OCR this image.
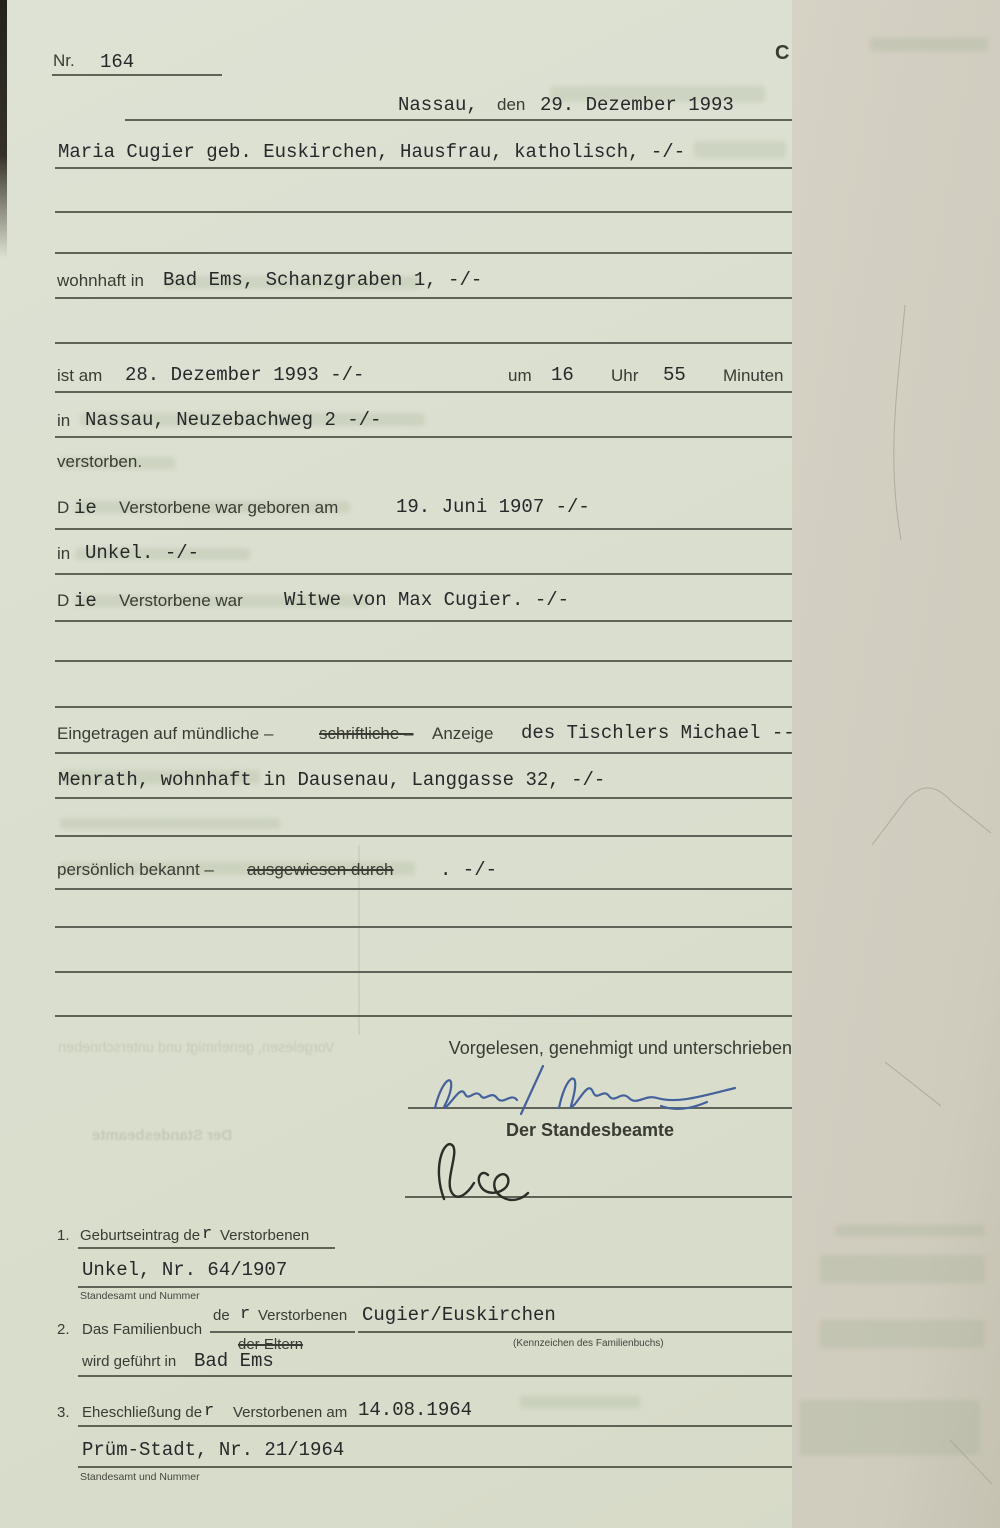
Vorgelesen, genehmigt und unterschrieben
Der Standesbeamte
Nr. 164	C
Nassau, den 29. Dezember 1993
Maria Cugier geb. Euskirchen, Hausfrau, katholisch, -/-
wohnhaft in Bad Ems, Schanzgraben 1, -/-
ist am 28. Dezember 1993 -/-	um 16 Uhr 55 Minuten
in Nassau, Neuzebachweg 2 -/-
verstorben.
D ie Verstorbene war geboren am	19. Juni 1907 -/-
in Unkel. -/-
D ie Verstorbene war Witwe von Max Cugier. -/-
Eingetragen auf mündliche –	schriftliche – Anzeige des Tischlers Michael --
Menrath, wohnhaft in Dausenau, Langgasse 32, -/-
persönlich bekannt – ausgewiesen durch . -/-
Vorgelesen, genehmigt und unterschrieben
Der Standesbeamte
1. Geburtseintrag de r Verstorbenen
Unkel, Nr. 64/1907
Standesamt und Nummer
2. Das Familienbuch
de r Verstorbenen
der Eltern
Cugier/Euskirchen
(Kennzeichen des Familienbuchs)
wird geführt in Bad Ems
3. Eheschließung de r Verstorbenen am 14.08.1964
Prüm-Stadt, Nr. 21/1964
Standesamt und Nummer
